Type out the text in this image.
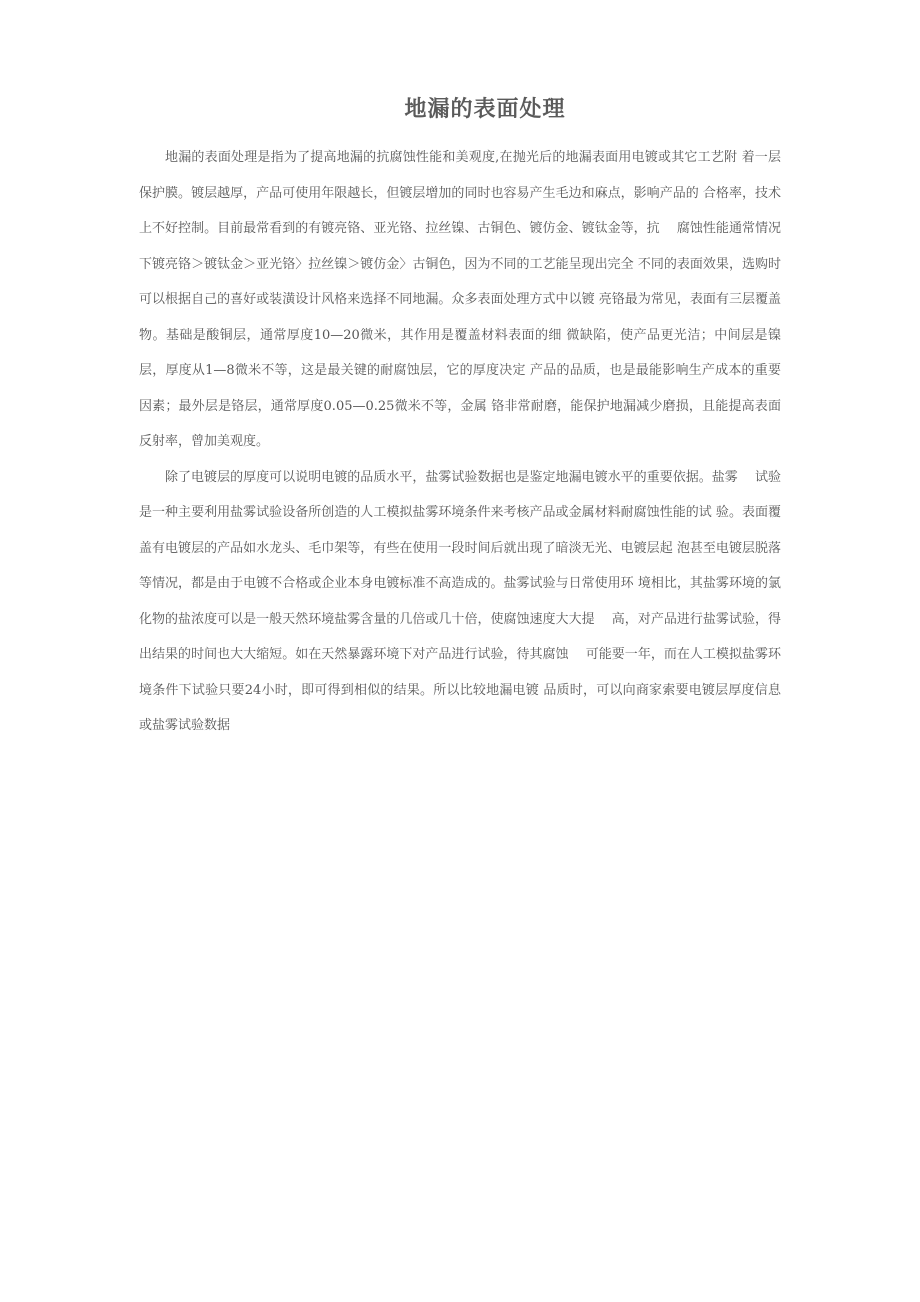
地漏的表面处理

地漏的表面处理是指为了提高地漏的抗腐蚀性能和美观度,在抛光后的地漏表面用电镀或其它工艺附 着一层保护膜。镀层越厚，产品可使用年限越长，但镀层增加的同时也容易产生毛边和麻点，影响产品的 合格率，技术上不好控制。目前最常看到的有镀亮铬、亚光铬、拉丝镍、古铜色、镀仿金、镀钛金等，抗　 腐蚀性能通常情况下镀亮铬＞镀钛金＞亚光铬〉拉丝镍＞镀仿金〉古铜色，因为不同的工艺能呈现出完全 不同的表面效果，选购时可以根据自己的喜好或装潢设计风格来选择不同地漏。众多表面处理方式中以镀 亮铬最为常见，表面有三层覆盖物。基础是酸铜层，通常厚度10—20微米，其作用是覆盖材料表面的细 微缺陷，使产品更光洁；中间层是镍层，厚度从1—8微米不等，这是最关键的耐腐蚀层，它的厚度决定 产品的品质，也是最能影响生产成本的重要因素；最外层是铬层，通常厚度0.05—0.25微米不等，金属 铬非常耐磨，能保护地漏减少磨损，且能提高表面反射率，曾加美观度。

除了电镀层的厚度可以说明电镀的品质水平，盐雾试验数据也是鉴定地漏电镀水平的重要依据。盐雾　 试验是一种主要利用盐雾试验设备所创造的人工模拟盐雾环境条件来考核产品或金属材料耐腐蚀性能的试 验。表面覆盖有电镀层的产品如水龙头、毛巾架等，有些在使用一段时间后就出现了暗淡无光、电镀层起 泡甚至电镀层脱落等情况，都是由于电镀不合格或企业本身电镀标准不高造成的。盐雾试验与日常使用环 境相比，其盐雾环境的氯化物的盐浓度可以是一般天然环境盐雾含量的几倍或几十倍，使腐蚀速度大大提　 高，对产品进行盐雾试验，得出结果的时间也大大缩短。如在天然暴露环境下对产品进行试验，待其腐蚀　 可能要一年，而在人工模拟盐雾环境条件下试验只要24小时，即可得到相似的结果。所以比较地漏电镀 品质时，可以向商家索要电镀层厚度信息或盐雾试验数据
